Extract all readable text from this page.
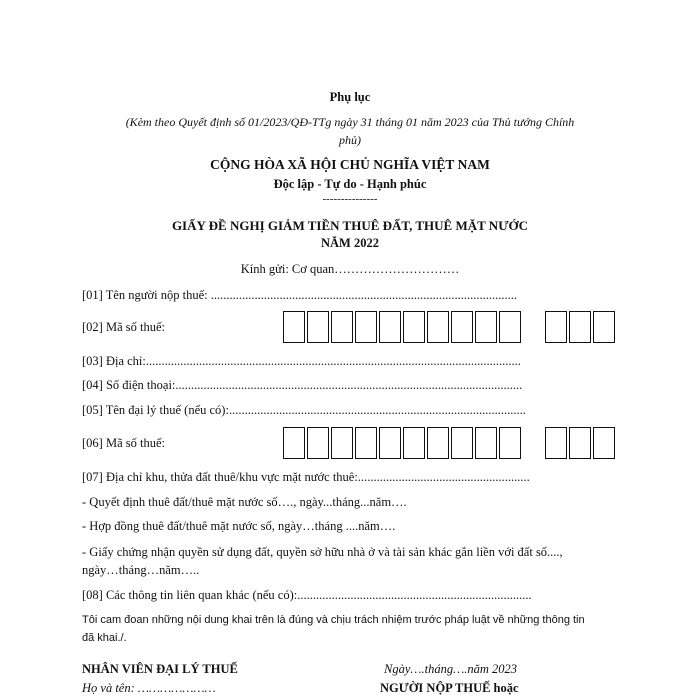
Phụ lục
(Kèm theo Quyết định số 01/2023/QĐ-TTg ngày 31 tháng 01 năm 2023 của Thủ tướng Chính
phủ)
CỘNG HÒA XÃ HỘI CHỦ NGHĨA VIỆT NAM
Độc lập - Tự do - Hạnh phúc
---------------
GIẤY ĐỀ NGHỊ GIẢM TIỀN THUÊ ĐẤT, THUÊ MẶT NƯỚC
NĂM 2022
Kính gửi: Cơ quan…………………………
[01] Tên người nộp thuế: ..................................................................................................
[02] Mã số thuế:
[03] Địa chỉ:........................................................................................................................
[04] Số điện thoại:...............................................................................................................
[05] Tên đại lý thuế (nếu có):...............................................................................................
[06] Mã số thuế:
[07] Địa chỉ khu, thửa đất thuê/khu vực mặt nước thuê:.......................................................
- Quyết định thuê đất/thuê mặt nước số…., ngày...tháng...năm….
- Hợp đồng thuê đất/thuê mặt nước số, ngày…tháng ....năm….
- Giấy chứng nhận quyền sử dụng đất, quyền sở hữu nhà ở và tài sản khác gắn liền với đất số....,
ngày…tháng…năm…..
[08] Các thông tin liên quan khác (nếu có):...........................................................................
Tôi cam đoan những nội dung khai trên là đúng và chịu trách nhiệm trước pháp luật về những thông tin
đã khai./.
NHÂN VIÊN ĐẠI LÝ THUẾ
Họ và tên: …………………
Ngày….tháng….năm 2023
NGƯỜI NỘP THUẾ hoặc
